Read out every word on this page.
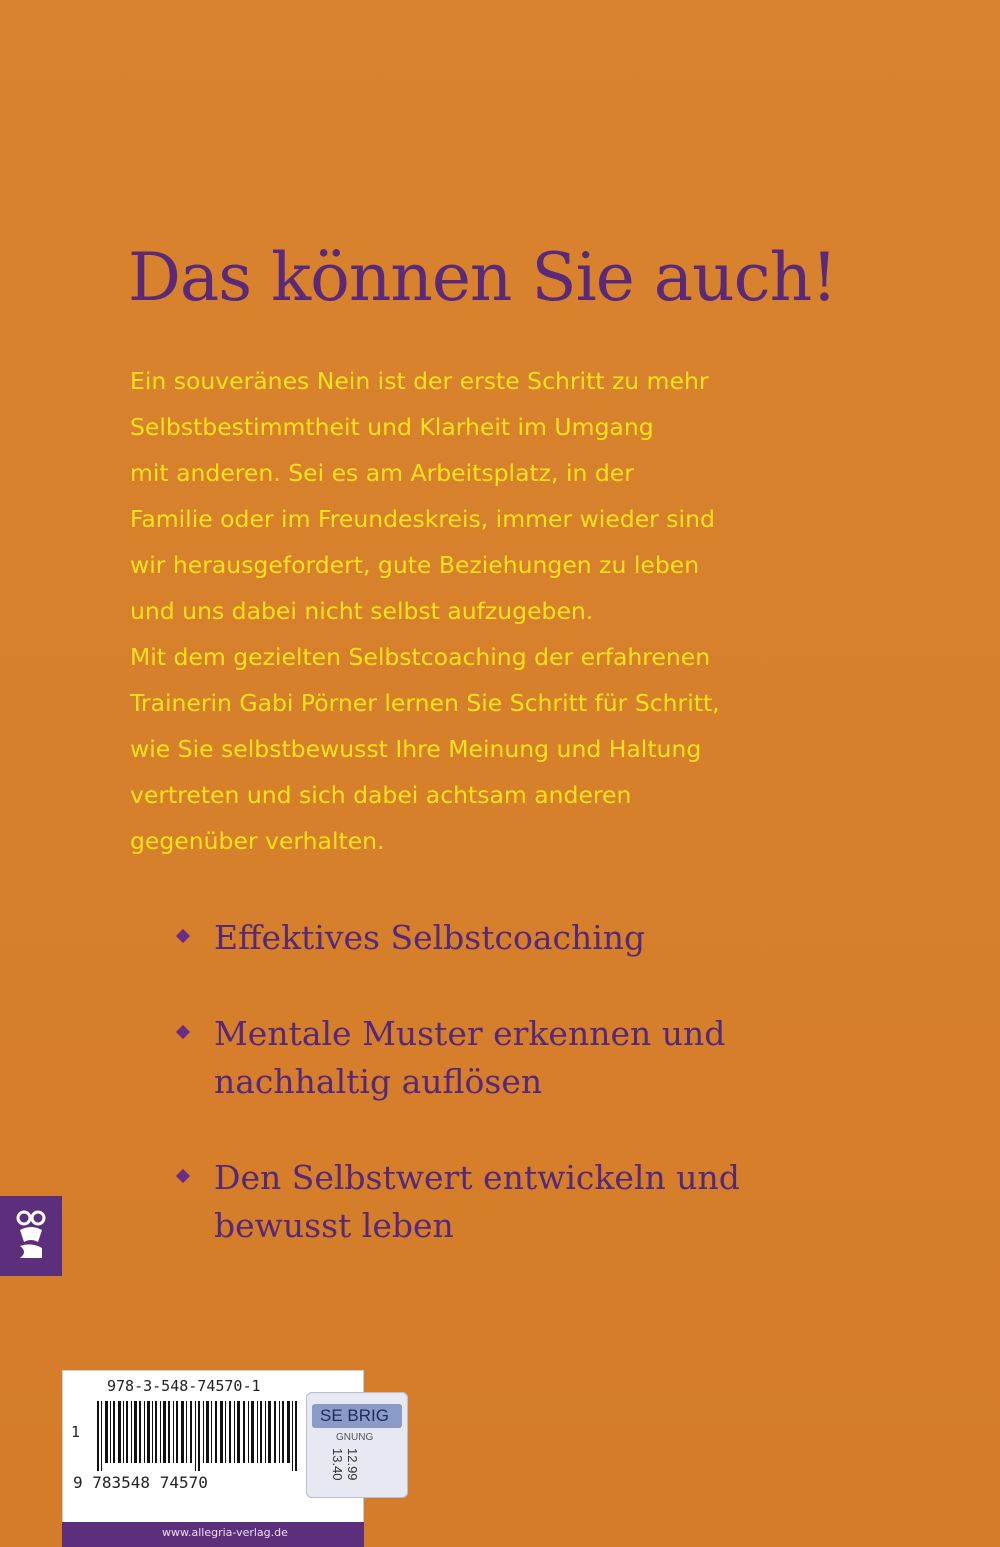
Das können Sie auch!

Ein souveränes Nein ist der erste Schritt zu mehr

Selbstbestimmtheit und Klarheit im Umgang

mit anderen. Sei es am Arbeitsplatz, in der

Familie oder im Freundeskreis, immer wieder sind

wir herausgefordert, gute Beziehungen zu leben

und uns dabei nicht selbst aufzugeben.

Mit dem gezielten Selbstcoaching der erfahrenen

Trainerin Gabi Pörner lernen Sie Schritt für Schritt,

wie Sie selbstbewusst Ihre Meinung und Haltung

vertreten und sich dabei achtsam anderen

gegenüber verhalten.

Effektives Selbstcoaching
Mentale Muster erkennen und
nachhaltig auflösen
Den Selbstwert entwickeln und
bewusst leben
978-3-548-74570-1
1
9 783548 74570
SE BRIG
GNUNG
12.99
13.40
www.allegria-verlag.de
